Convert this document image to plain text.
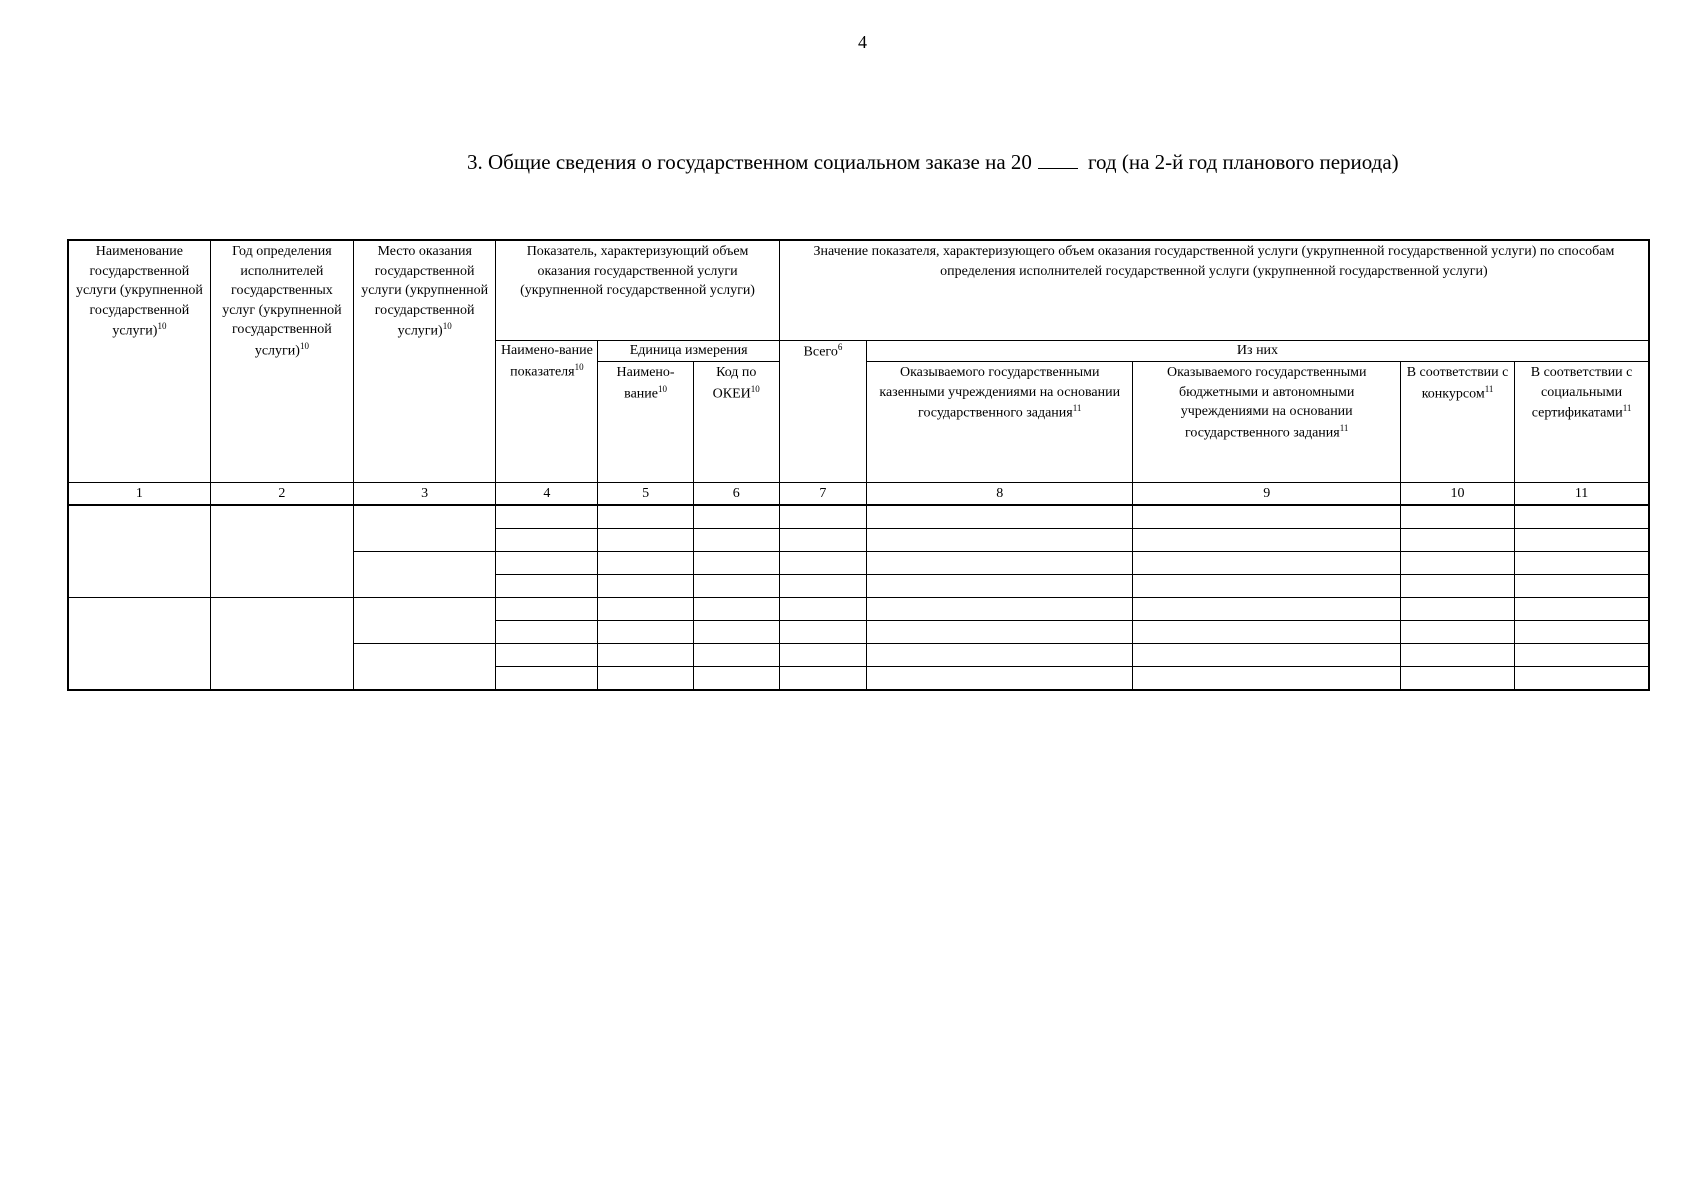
4
3. Общие сведения о государственном социальном заказе на 20	год (на 2-й год планового периода)
Наименование государственной услуги (укрупненной государственной услуги)$^{10}$	Год определения исполнителей государственных услуг (укрупненной государственной услуги)$^{10}$	Место оказания государственной услуги (укрупненной государственной услуги)$^{10}$	Показатель, характеризующий объем оказания государственной услуги (укрупненной государственной услуги)			Значение показателя, характеризующего объем оказания государственной услуги (укрупненной государственной услуги) по способам определения исполнителей государственной услуги (укрупненной государственной услуги)				
			Наимено-вание показателя$^{10}$	Единица измерения		Всего$^6$	Из них			
				Наимено-вание$^{10}$	Код по ОКЕИ$^{10}$		Оказываемого государственными казенными учреждениями на основании государственного задания$^{11}$	Оказываемого государственными бюджетными и автономными учреждениями на основании государственного задания$^{11}$	В соответствии с конкурсом$^{11}$	В соответствии с социальными сертификатами$^{11}$
1	2	3	4	5	6	7	8	9	10	11
